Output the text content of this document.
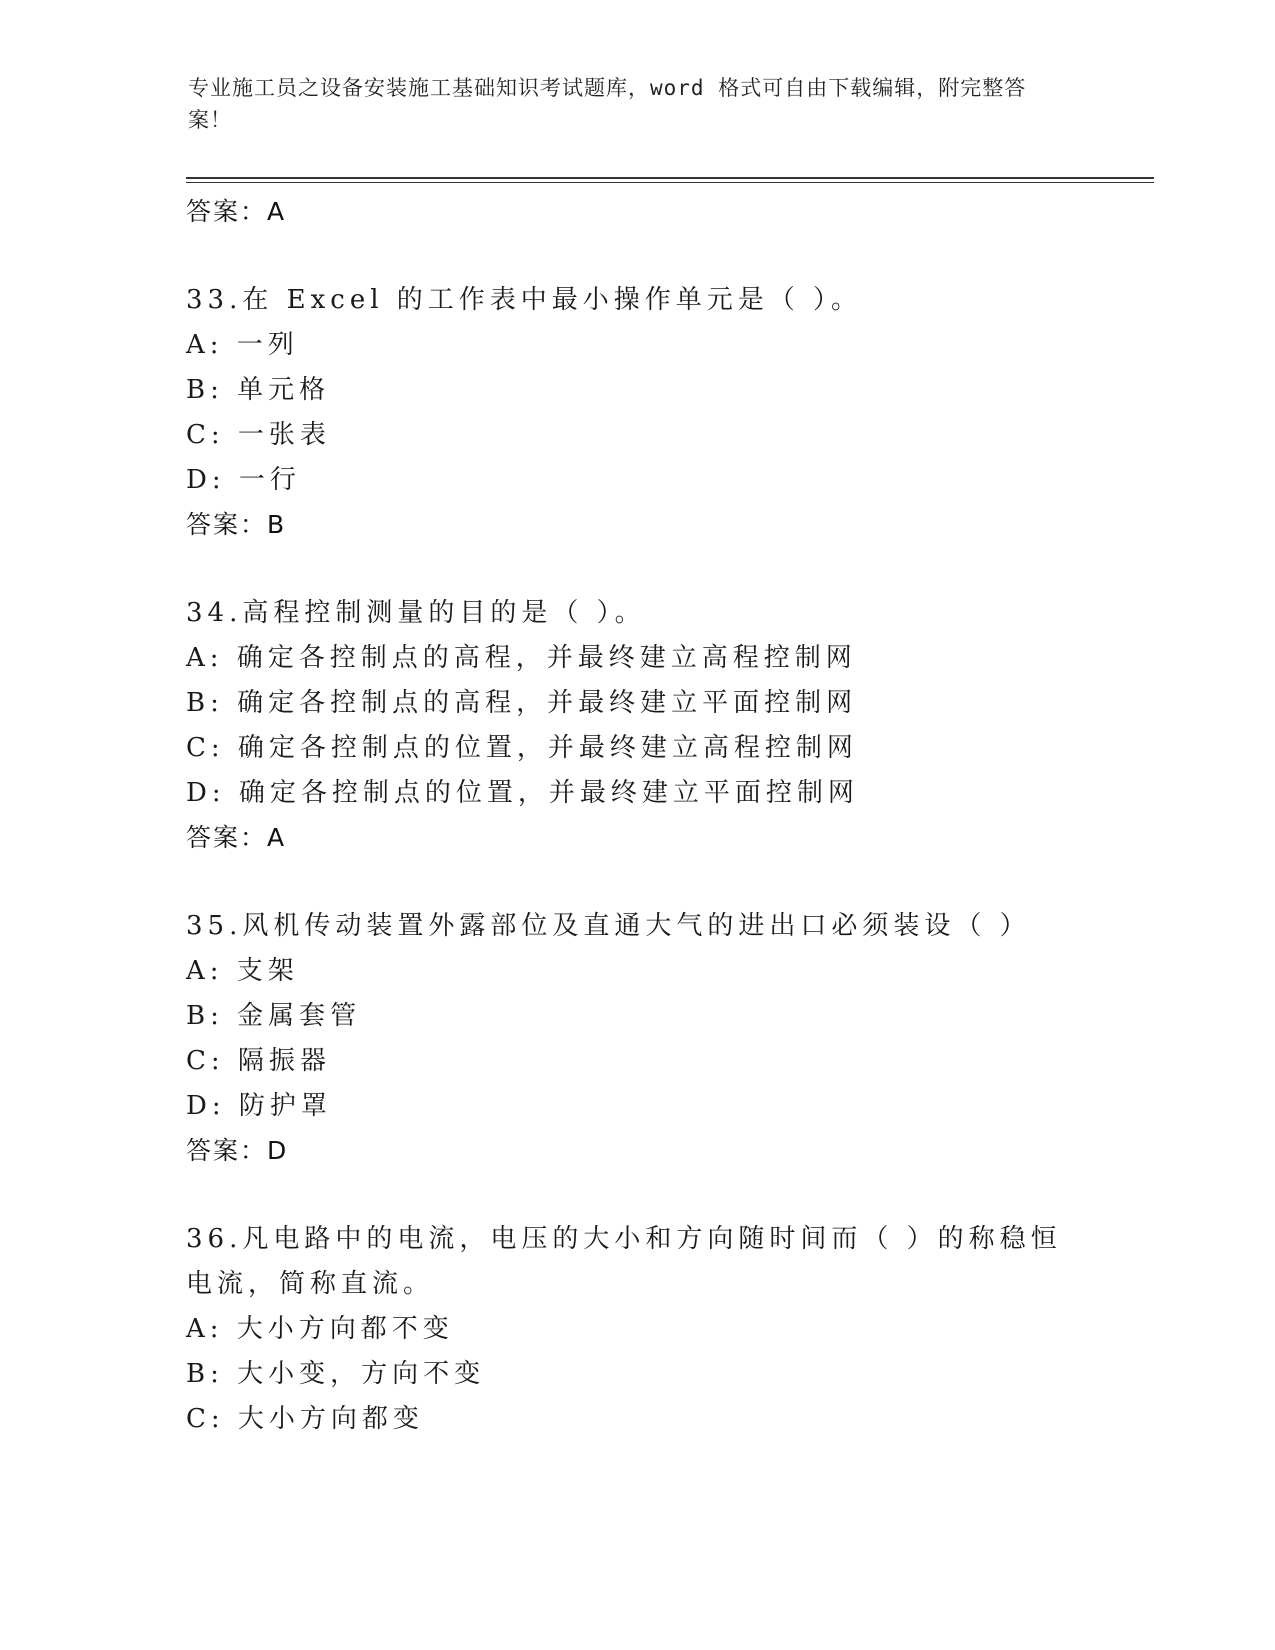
专业施工员之设备安装施工基础知识考试题库，word 格式可自由下载编辑，附完整答案！
答案：A
33.在 Excel 的工作表中最小操作单元是（ ）。
A: 一列
B: 单元格
C: 一张表
D: 一行
答案：B
34.高程控制测量的目的是（ ）。
A: 确定各控制点的高程，并最终建立高程控制网
B: 确定各控制点的高程，并最终建立平面控制网
C: 确定各控制点的位置，并最终建立高程控制网
D: 确定各控制点的位置，并最终建立平面控制网
答案：A
35.风机传动装置外露部位及直通大气的进出口必须装设（ ）
A: 支架
B: 金属套管
C: 隔振器
D: 防护罩
答案：D
36.凡电路中的电流，电压的大小和方向随时间而（ ）的称稳恒电流，简称直流。
A: 大小方向都不变
B: 大小变，方向不变
C: 大小方向都变
